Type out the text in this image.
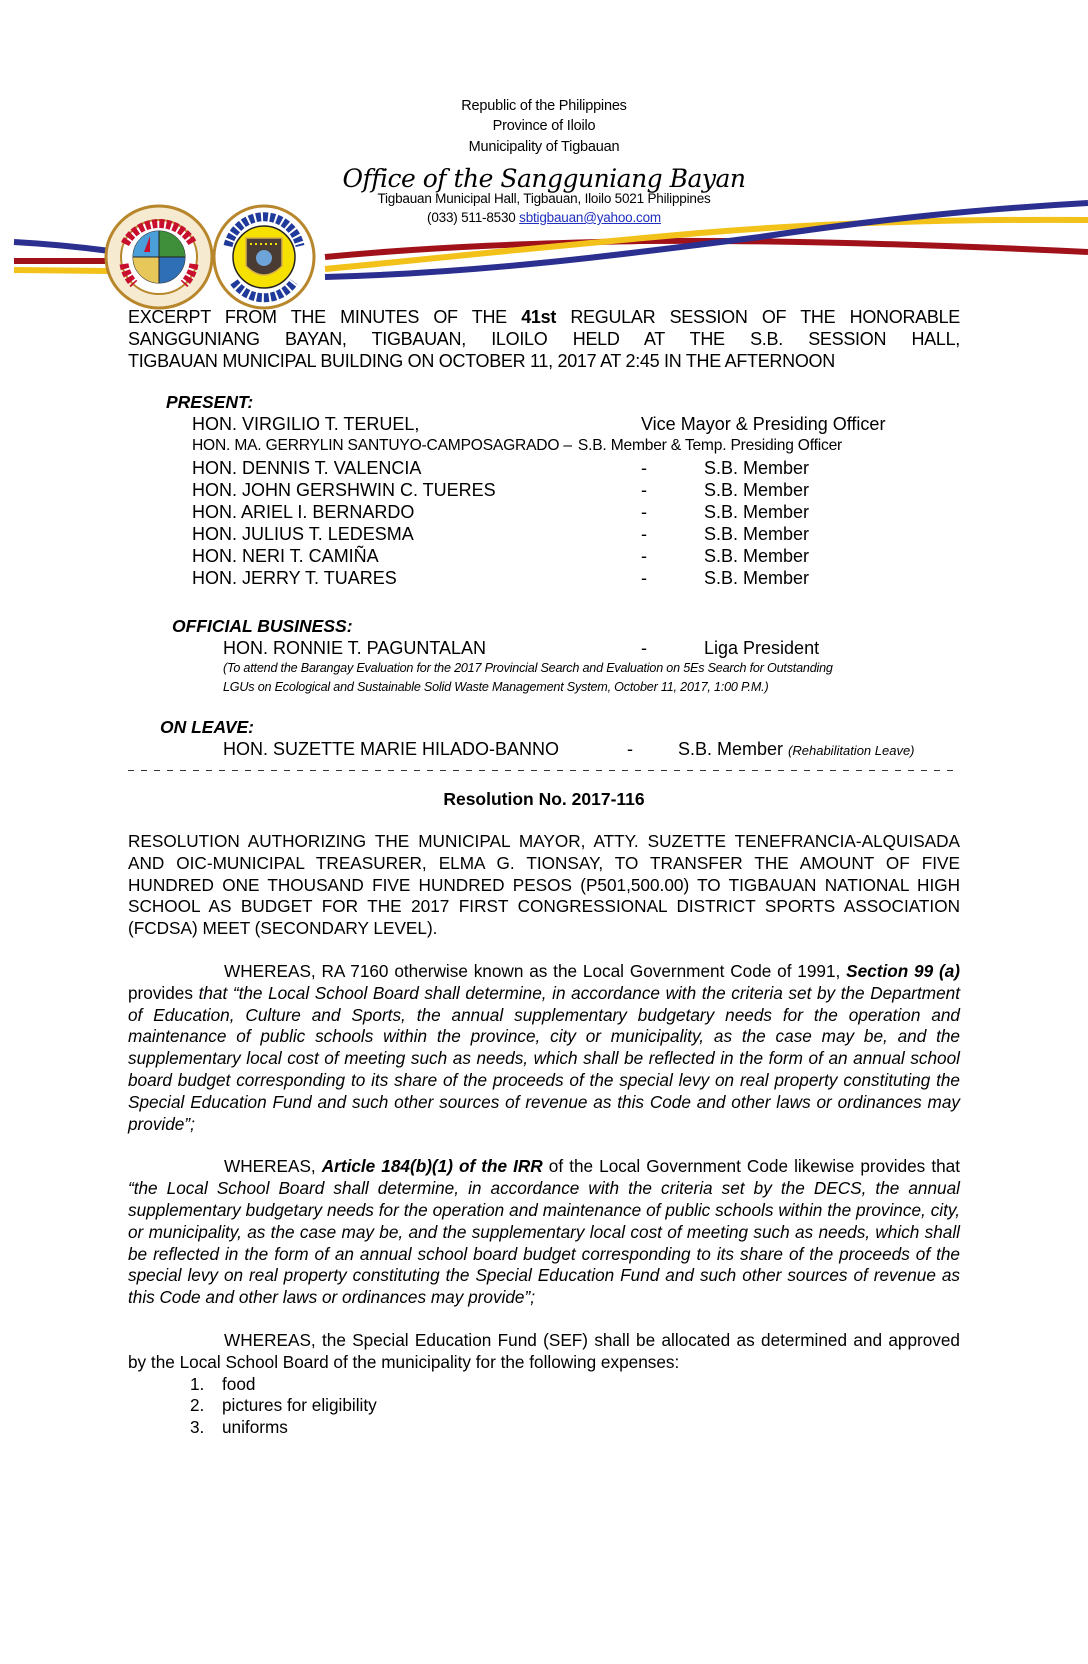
Republic of the Philippines
Province of Iloilo
Municipality of Tigbauan
Office of the Sangguniang Bayan
Tigbauan Municipal Hall, Tigbauan, Iloilo 5021 Philippines
(033) 511-8530 sbtigbauan@yahoo.com
EXCERPT FROM THE MINUTES OF THE 41st REGULAR SESSION OF THE HONORABLE
SANGGUNIANG BAYAN, TIGBAUAN, ILOILO HELD AT THE S.B. SESSION HALL,
TIGBAUAN MUNICIPAL BUILDING ON OCTOBER 11, 2017 AT 2:45 IN THE AFTERNOON
PRESENT:
HON. VIRGILIO T. TERUEL,	Vice Mayor & Presiding Officer
HON. MA. GERRYLIN SANTUYO-CAMPOSAGRADO – S.B. Member & Temp. Presiding Officer
HON. DENNIS T. VALENCIA	-	S.B. Member
HON. JOHN GERSHWIN C. TUERES	-	S.B. Member
HON. ARIEL I. BERNARDO	-	S.B. Member
HON. JULIUS T. LEDESMA	-	S.B. Member
HON. NERI T. CAMIÑA	-	S.B. Member
HON. JERRY T. TUARES	-	S.B. Member
OFFICIAL BUSINESS:
HON. RONNIE T. PAGUNTALAN	-	Liga President
(To attend the Barangay Evaluation for the 2017 Provincial Search and Evaluation on 5Es Search for Outstanding
LGUs on Ecological and Sustainable Solid Waste Management System, October 11, 2017, 1:00 P.M.)
ON LEAVE:
HON. SUZETTE MARIE HILADO-BANNO	-	S.B. Member (Rehabilitation Leave)
Resolution No. 2017-116
RESOLUTION AUTHORIZING THE MUNICIPAL MAYOR, ATTY. SUZETTE TENEFRANCIA-ALQUISADA AND OIC-MUNICIPAL TREASURER, ELMA G. TIONSAY, TO TRANSFER THE AMOUNT OF FIVE HUNDRED ONE THOUSAND FIVE HUNDRED PESOS (P501,500.00) TO TIGBAUAN NATIONAL HIGH SCHOOL AS BUDGET FOR THE 2017 FIRST CONGRESSIONAL DISTRICT SPORTS ASSOCIATION (FCDSA) MEET (SECONDARY LEVEL).
WHEREAS, RA 7160 otherwise known as the Local Government Code of 1991, Section 99 (a) provides that “the Local School Board shall determine, in accordance with the criteria set by the Department of Education, Culture and Sports, the annual supplementary budgetary needs for the operation and maintenance of public schools within the province, city or municipality, as the case may be, and the supplementary local cost of meeting such as needs, which shall be reflected in the form of an annual school board budget corresponding to its share of the proceeds of the special levy on real property constituting the Special Education Fund and such other sources of revenue as this Code and other laws or ordinances may provide”;
WHEREAS, Article 184(b)(1) of the IRR of the Local Government Code likewise provides that “the Local School Board shall determine, in accordance with the criteria set by the DECS, the annual supplementary budgetary needs for the operation and maintenance of public schools within the province, city, or municipality, as the case may be, and the supplementary local cost of meeting such as needs, which shall be reflected in the form of an annual school board budget corresponding to its share of the proceeds of the special levy on real property constituting the Special Education Fund and such other sources of revenue as this Code and other laws or ordinances may provide”;
WHEREAS, the Special Education Fund (SEF) shall be allocated as determined and approved by the Local School Board of the municipality for the following expenses:
1. food
2. pictures for eligibility
3. uniforms
